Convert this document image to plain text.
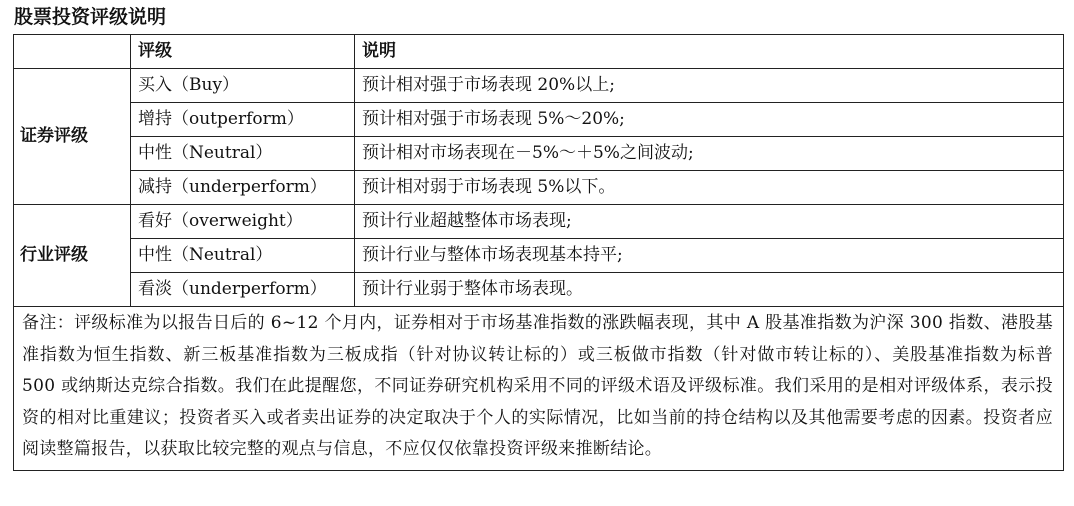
股票投资评级说明
	评级	说明
证券评级	买入（Buy）	预计相对强于市场表现 20%以上;
	增持（outperform）	预计相对强于市场表现 5%～20%;
	中性（Neutral）	预计相对市场表现在－5%～＋5%之间波动;
	减持（underperform）	预计相对弱于市场表现 5%以下。
行业评级	看好（overweight）	预计行业超越整体市场表现;
	中性（Neutral）	预计行业与整体市场表现基本持平;
	看淡（underperform）	预计行业弱于整体市场表现。
备注：评级标准为以报告日后的 6~12 个月内，证券相对于市场基准指数的涨跌幅表现，其中 A 股基准指数为沪深 300 指数、港股基准指数为恒生指数、新三板基准指数为三板成指（针对协议转让标的）或三板做市指数（针对做市转让标的）、美股基准指数为标普 500 或纳斯达克综合指数。我们在此提醒您，不同证券研究机构采用不同的评级术语及评级标准。我们采用的是相对评级体系，表示投资的相对比重建议；投资者买入或者卖出证券的决定取决于个人的实际情况，比如当前的持仓结构以及其他需要考虑的因素。投资者应阅读整篇报告，以获取比较完整的观点与信息，不应仅仅依靠投资评级来推断结论。		
